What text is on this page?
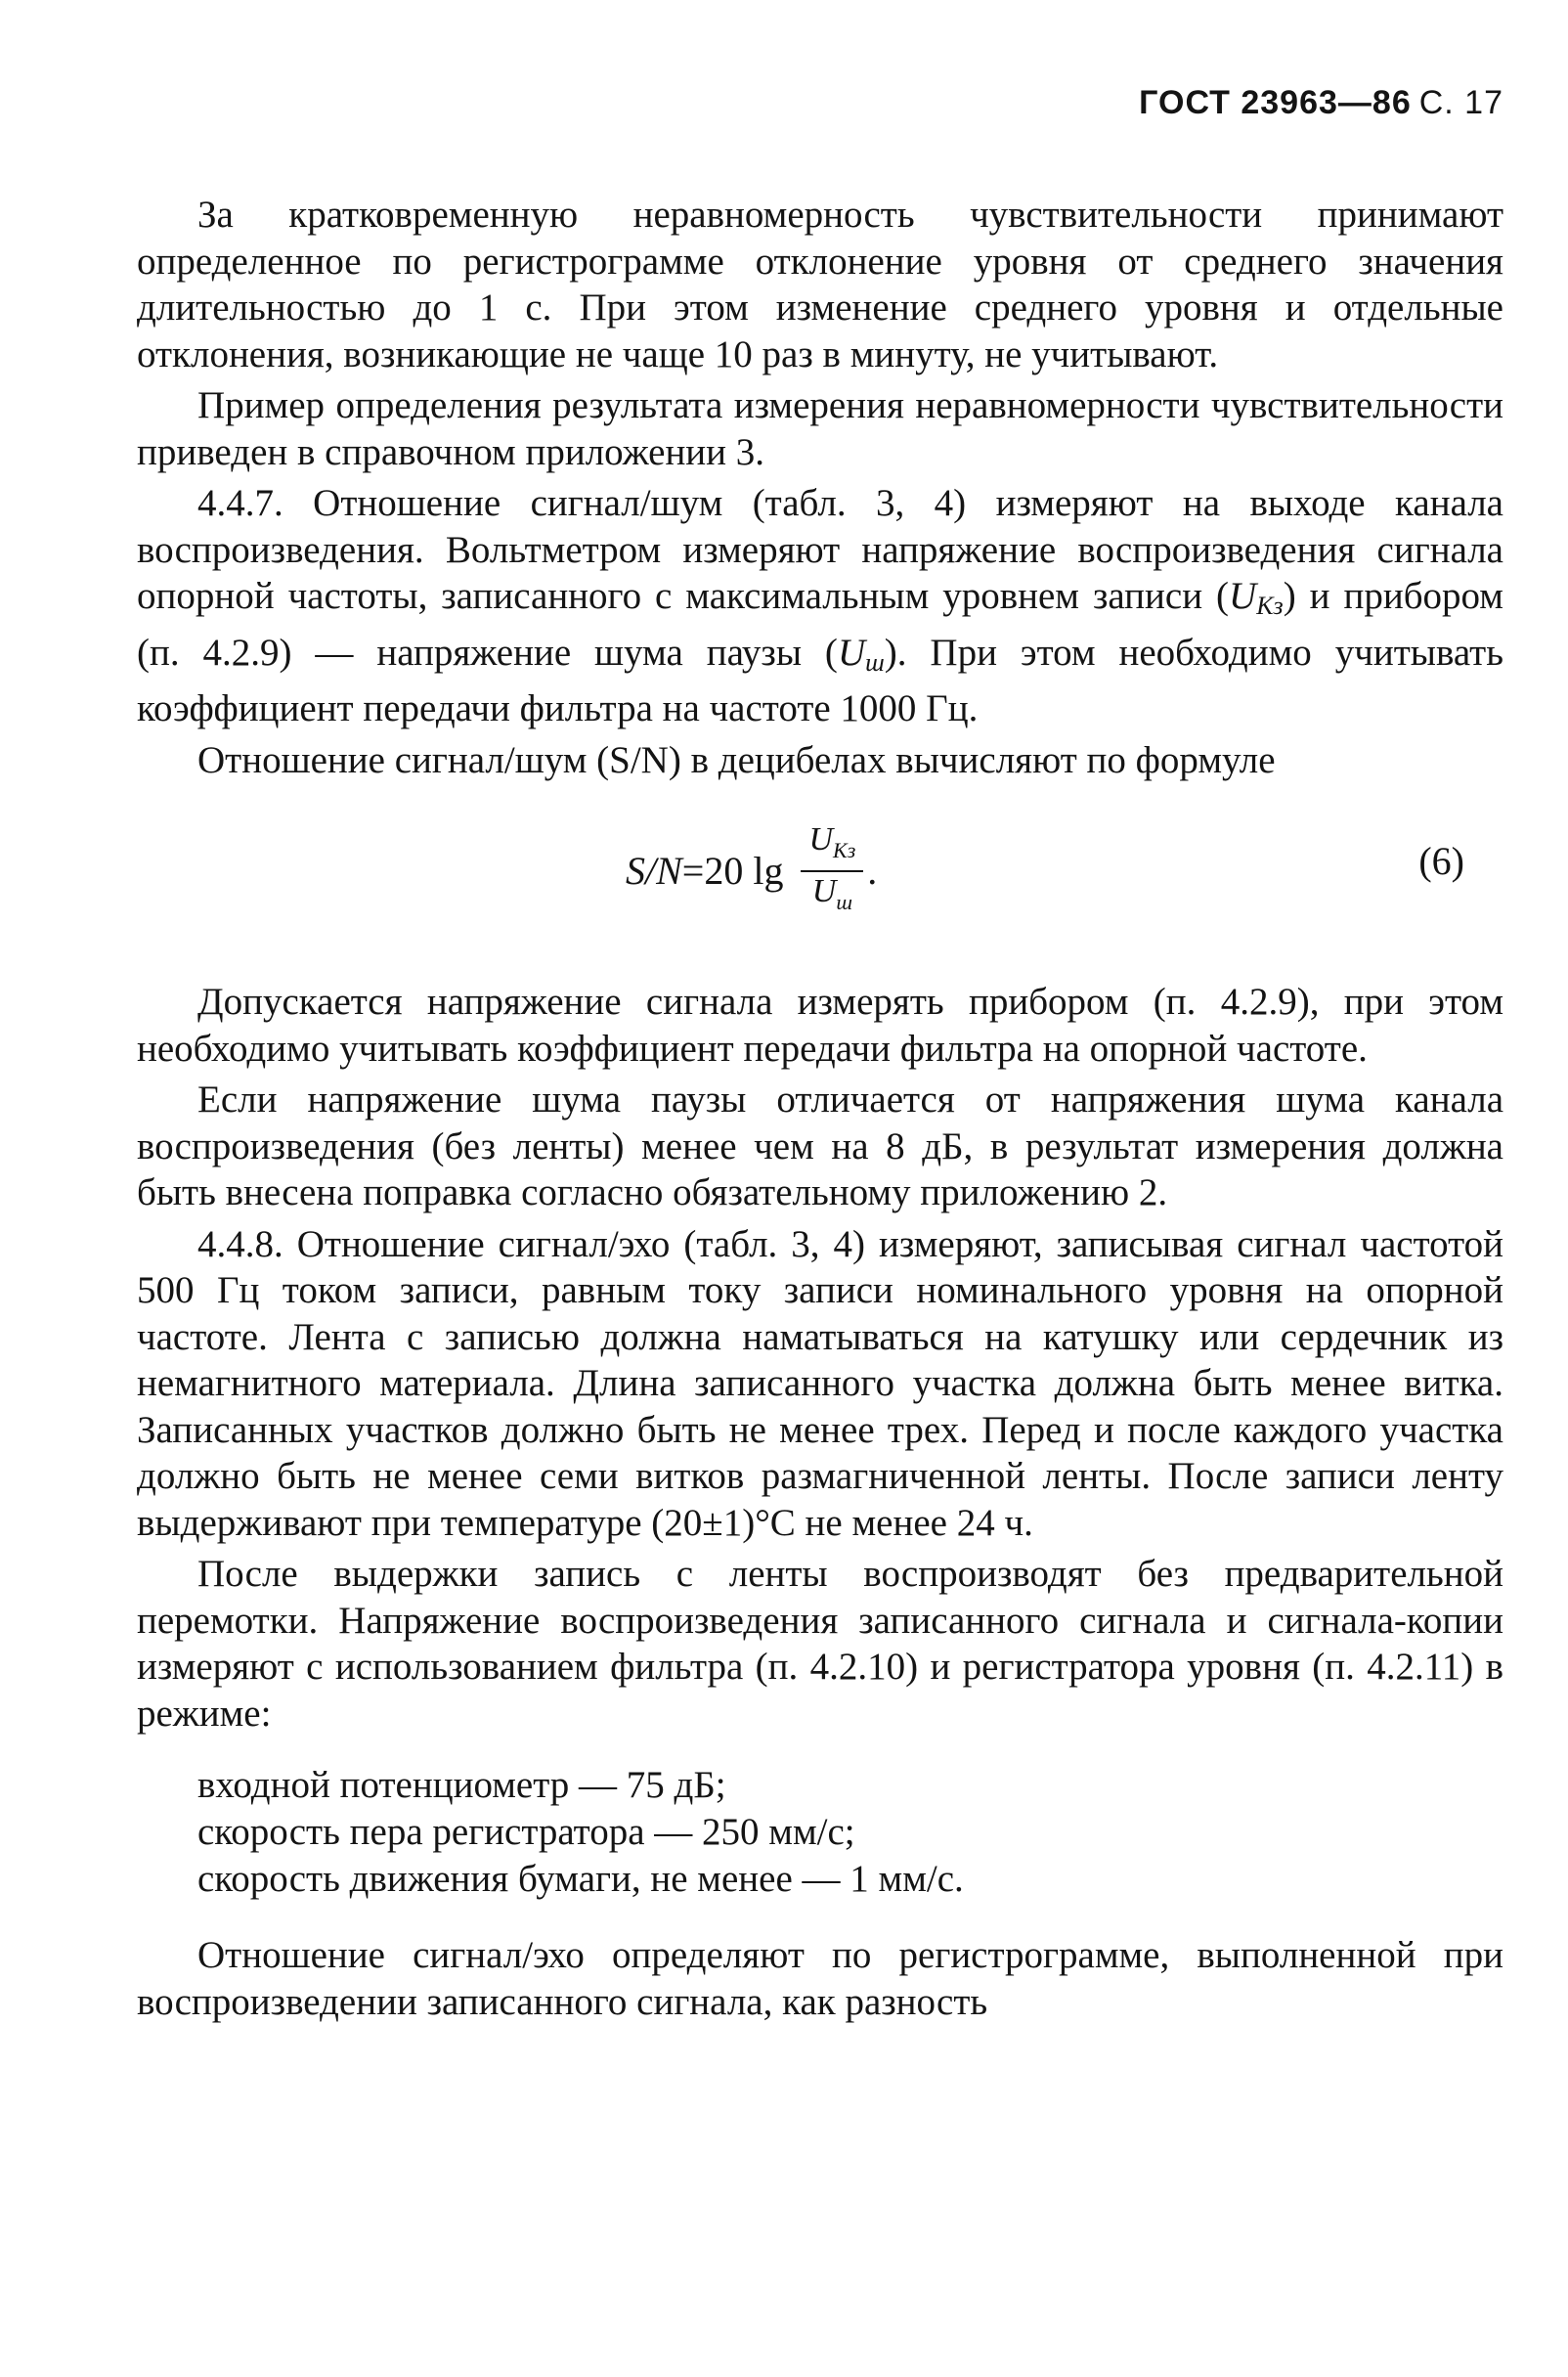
ГОСТ 23963—86 С. 17

За кратковременную неравномерность чувствительности принимают определенное по регистрограмме отклонение уровня от среднего значения длительностью до 1 с. При этом изменение среднего уровня и отдельные отклонения, возникающие не чаще 10 раз в минуту, не учитывают.

Пример определения результата измерения неравномерности чувствительности приведен в справочном приложении 3.

4.4.7. Отношение сигнал/шум (табл. 3, 4) измеряют на выходе канала воспроизведения. Вольтметром измеряют напряжение воспроизведения сигнала опорной частоты, записанного с максимальным уровнем записи (UKз) и прибором (п. 4.2.9) — напряжение шума паузы (Uш). При этом необходимо учитывать коэффициент передачи фильтра на частоте 1000 Гц.

Отношение сигнал/шум (S/N) в децибелах вычисляют по формуле

S/N =20 $\lg \frac{U_{Kз}}{U_ш}$ .	(6)

Допускается напряжение сигнала измерять прибором (п. 4.2.9), при этом необходимо учитывать коэффициент передачи фильтра на опорной частоте.

Если напряжение шума паузы отличается от напряжения шума канала воспроизведения (без ленты) менее чем на 8 дБ, в результат измерения должна быть внесена поправка согласно обязательному приложению 2.

4.4.8. Отношение сигнал/эхо (табл. 3, 4) измеряют, записывая сигнал частотой 500 Гц током записи, равным току записи номинального уровня на опорной частоте. Лента с записью должна наматываться на катушку или сердечник из немагнитного материала. Длина записанного участка должна быть менее витка. Записанных участков должно быть не менее трех. Перед и после каждого участка должно быть не менее семи витков размагниченной ленты. После записи ленту выдерживают при температуре (20±1)°С не менее 24 ч.

После выдержки запись с ленты воспроизводят без предварительной перемотки. Напряжение воспроизведения записанного сигнала и сигнала-копии измеряют с использованием фильтра (п. 4.2.10) и регистратора уровня (п. 4.2.11) в режиме:

входной потенциометр — 75 дБ;
скорость пера регистратора — 250 мм/с;
скорость движения бумаги, не менее — 1 мм/с.

Отношение сигнал/эхо определяют по регистрограмме, выполненной при воспроизведении записанного сигнала, как разность
